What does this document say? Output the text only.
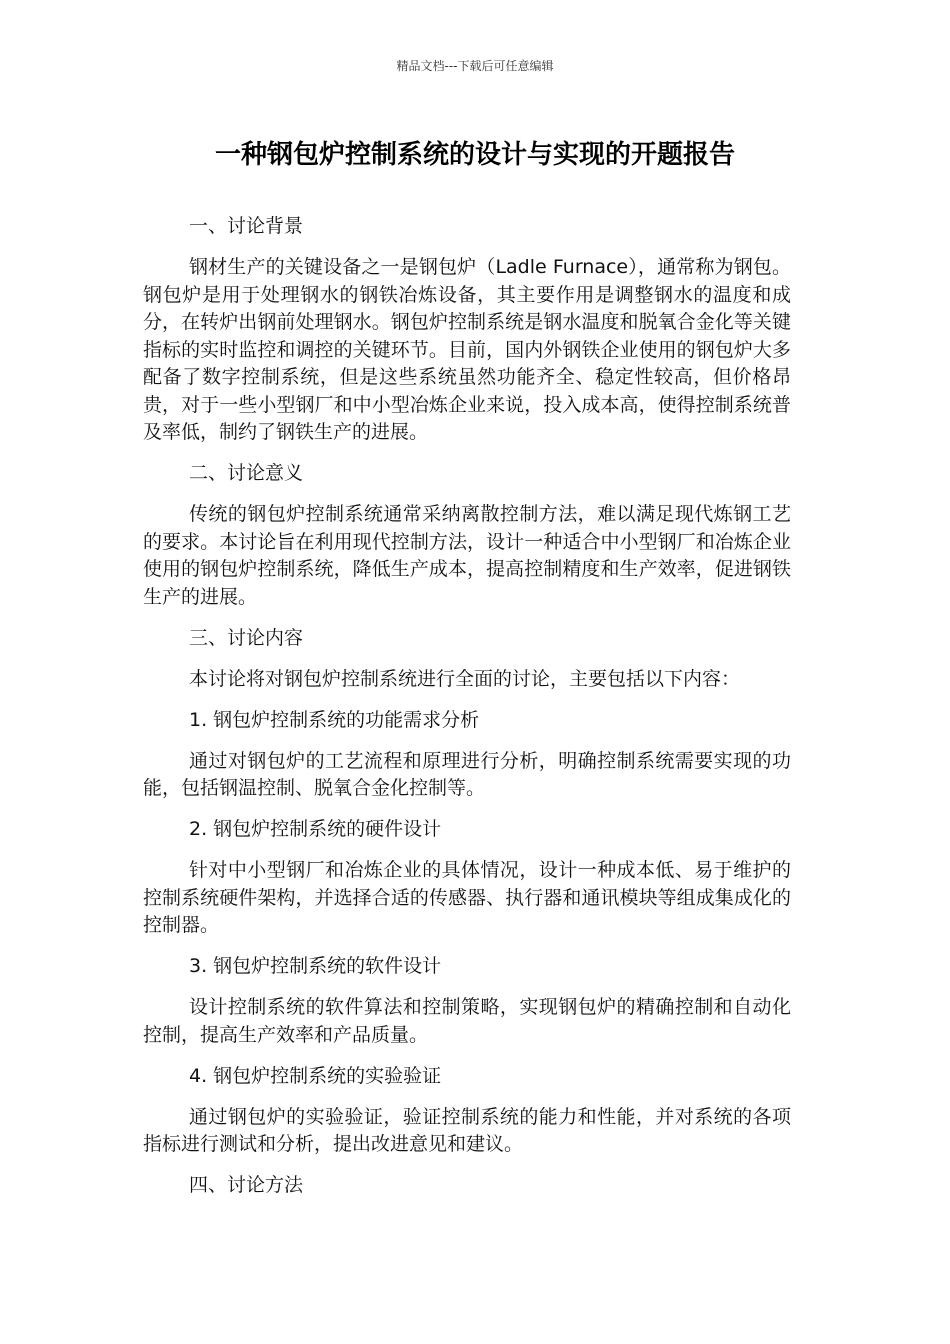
精品文档---下载后可任意编辑
一种钢包炉控制系统的设计与实现的开题报告

一、讨论背景

钢材生产的关键设备之一是钢包炉（Ladle Furnace），通常称为钢包。钢包炉是用于处理钢水的钢铁冶炼设备，其主要作用是调整钢水的温度和成分，在转炉出钢前处理钢水。钢包炉控制系统是钢水温度和脱氧合金化等关键指标的实时监控和调控的关键环节。目前，国内外钢铁企业使用的钢包炉大多配备了数字控制系统，但是这些系统虽然功能齐全、稳定性较高，但价格昂贵，对于一些小型钢厂和中小型冶炼企业来说，投入成本高，使得控制系统普及率低，制约了钢铁生产的进展。

二、讨论意义

传统的钢包炉控制系统通常采纳离散控制方法，难以满足现代炼钢工艺的要求。本讨论旨在利用现代控制方法，设计一种适合中小型钢厂和冶炼企业使用的钢包炉控制系统，降低生产成本，提高控制精度和生产效率，促进钢铁生产的进展。

三、讨论内容

本讨论将对钢包炉控制系统进行全面的讨论，主要包括以下内容：

1. 钢包炉控制系统的功能需求分析

通过对钢包炉的工艺流程和原理进行分析，明确控制系统需要实现的功能，包括钢温控制、脱氧合金化控制等。

2. 钢包炉控制系统的硬件设计

针对中小型钢厂和冶炼企业的具体情况，设计一种成本低、易于维护的控制系统硬件架构，并选择合适的传感器、执行器和通讯模块等组成集成化的控制器。

3. 钢包炉控制系统的软件设计

设计控制系统的软件算法和控制策略，实现钢包炉的精确控制和自动化控制，提高生产效率和产品质量。

4. 钢包炉控制系统的实验验证

通过钢包炉的实验验证，验证控制系统的能力和性能，并对系统的各项指标进行测试和分析，提出改进意见和建议。

四、讨论方法
